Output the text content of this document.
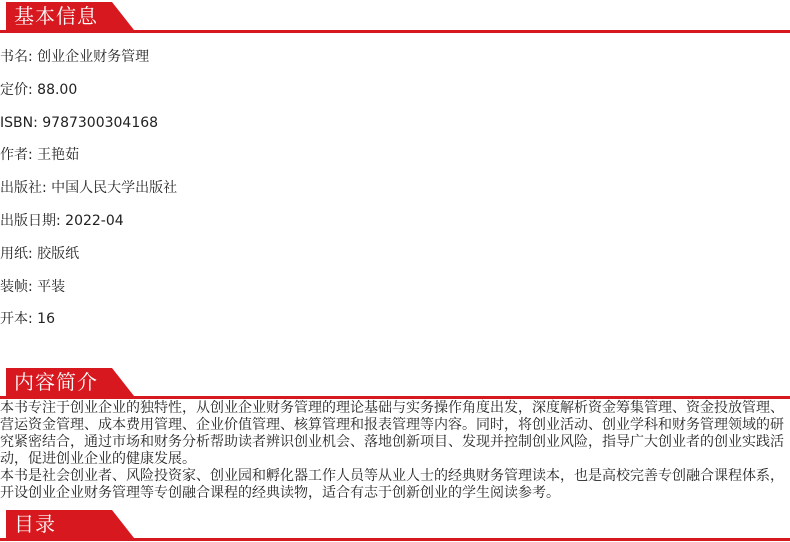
基本信息
书名: 创业企业财务管理
定价: 88.00
ISBN: 9787300304168
作者: 王艳茹
出版社: 中国人民大学出版社
出版日期: 2022-04
用纸: 胶版纸
装帧: 平装
开本: 16
内容简介

本书专注于创业企业的独特性，从创业企业财务管理的理论基础与实务操作角度出发，深度解析资金筹集管理、资金投放管理、营运资金管理、成本费用管理、企业价值管理、核算管理和报表管理等内容。同时，将创业活动、创业学科和财务管理领域的研究紧密结合，通过市场和财务分析帮助读者辨识创业机会、落地创新项目、发现并控制创业风险，指导广大创业者的创业实践活动，促进创业企业的健康发展。

本书是社会创业者、风险投资家、创业园和孵化器工作人员等从业人士的经典财务管理读本，也是高校完善专创融合课程体系，开设创业企业财务管理等专创融合课程的经典读物，适合有志于创新创业的学生阅读参考。

目录
